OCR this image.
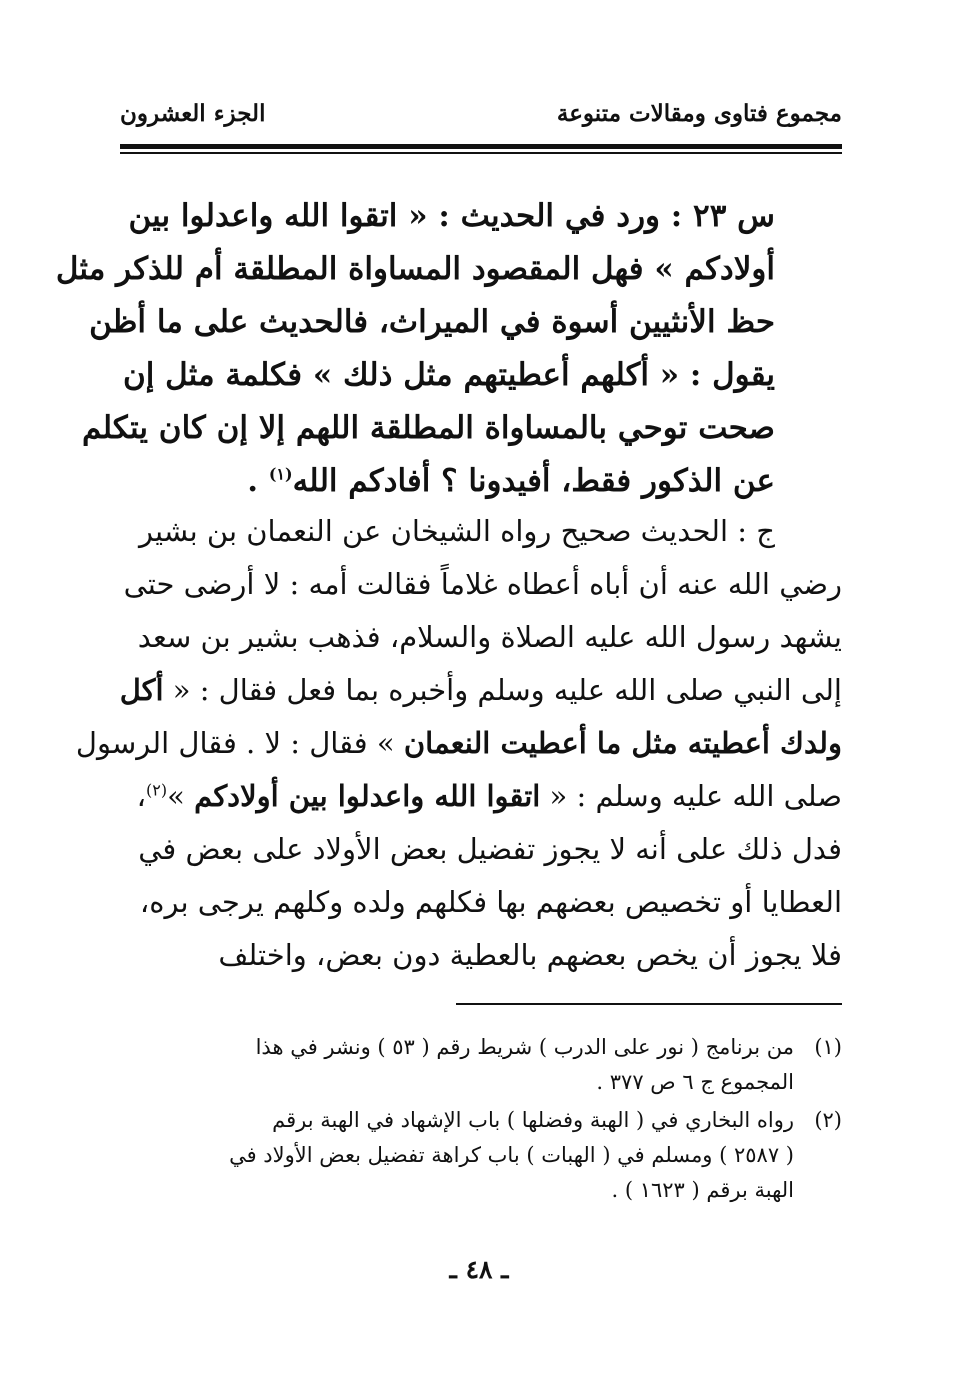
مجموع فتاوى ومقالات متنوعة
الجزء العشرون
س ٢٣ : ورد في الحديث : « اتقوا الله واعدلوا بين
أولادكم » فهل المقصود المساواة المطلقة أم للذكر مثل
حظ الأنثيين أسوة في الميراث، فالحديث على ما أظن
يقول : « أكلهم أعطيتهم مثل ذلك » فكلمة مثل إن
صحت توحي بالمساواة المطلقة اللهم إلا إن كان يتكلم
عن الذكور فقط، أفيدونا ؟ أفادكم الله$^{(١)}$ .
ج : الحديث صحيح رواه الشيخان عن النعمان بن بشير
رضي الله عنه أن أباه أعطاه غلاماً فقالت أمه : لا أرضى حتى
يشهد رسول الله عليه الصلاة والسلام، فذهب بشير بن سعد
إلى النبي صلى الله عليه وسلم وأخبره بما فعل فقال : « أكل
ولدك أعطيته مثل ما أعطيت النعمان » فقال : لا . فقال الرسول
صلى الله عليه وسلم : « اتقوا الله واعدلوا بين أولادكم »$^{(٢)}$،
فدل ذلك على أنه لا يجوز تفضيل بعض الأولاد على بعض في
العطايا أو تخصيص بعضهم بها فكلهم ولده وكلهم يرجى بره،
فلا يجوز أن يخص بعضهم بالعطية دون بعض، واختلف
(١)
من برنامج ( نور على الدرب ) شريط رقم ( ٥٣ ) ونشر في هذا
المجموع ج ٦ ص ٣٧٧ .
(٢)
رواه البخاري في ( الهبة وفضلها ) باب الإشهاد في الهبة برقم
( ٢٥٨٧ ) ومسلم في ( الهبات ) باب كراهة تفضيل بعض الأولاد في
الهبة برقم ( ١٦٢٣ ) .
ـ ٤٨ ـ
